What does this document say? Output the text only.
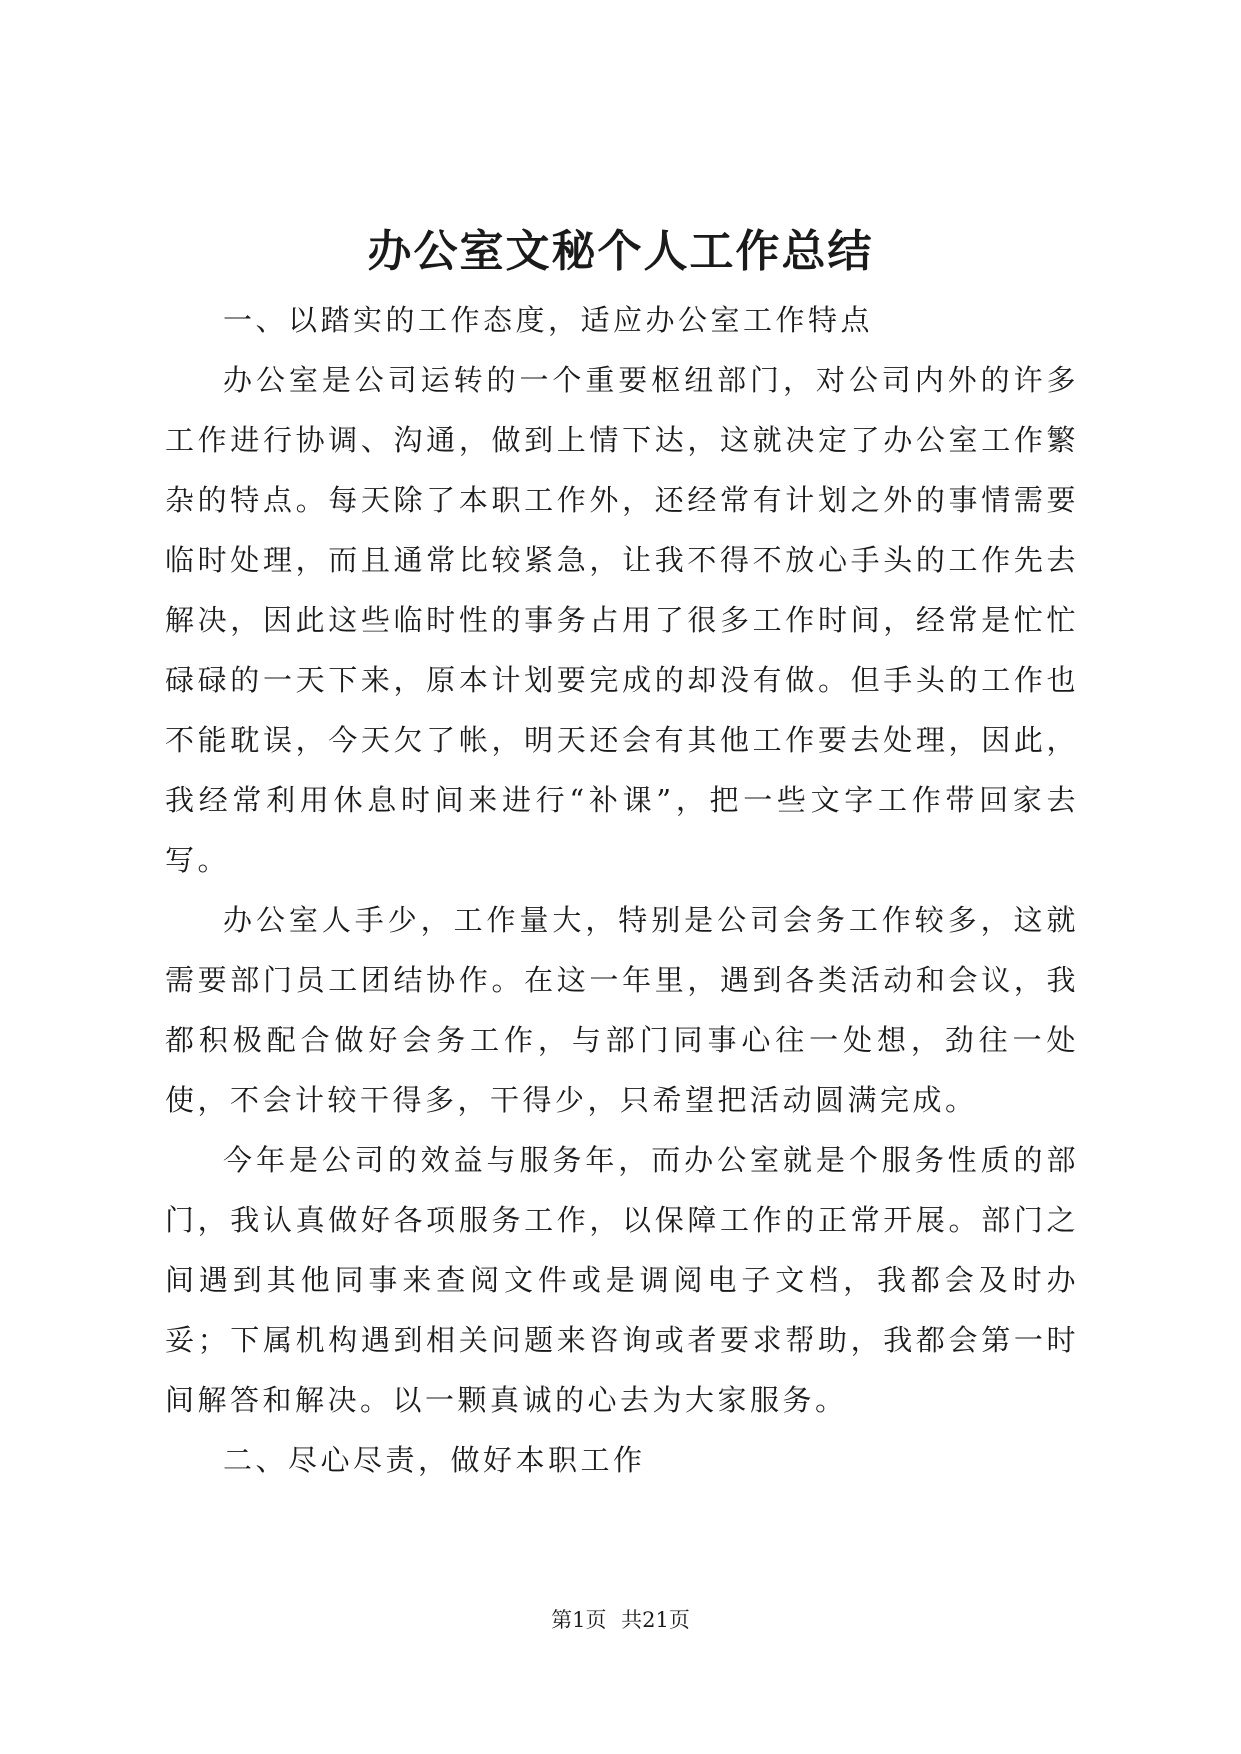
办公室文秘个人工作总结

一、以踏实的工作态度，适应办公室工作特点

办公室是公司运转的一个重要枢纽部门，对公司内外的许多工作进行协调、沟通，做到上情下达，这就决定了办公室工作繁杂的特点。每天除了本职工作外，还经常有计划之外的事情需要临时处理，而且通常比较紧急，让我不得不放心手头的工作先去解决，因此这些临时性的事务占用了很多工作时间，经常是忙忙碌碌的一天下来，原本计划要完成的却没有做。但手头的工作也不能耽误，今天欠了帐，明天还会有其他工作要去处理，因此，我经常利用休息时间来进行“补课”，把一些文字工作带回家去写。

办公室人手少，工作量大，特别是公司会务工作较多，这就需要部门员工团结协作。在这一年里，遇到各类活动和会议，我都积极配合做好会务工作，与部门同事心往一处想，劲往一处使，不会计较干得多，干得少，只希望把活动圆满完成。

今年是公司的效益与服务年，而办公室就是个服务性质的部门，我认真做好各项服务工作，以保障工作的正常开展。部门之间遇到其他同事来查阅文件或是调阅电子文档，我都会及时办妥；下属机构遇到相关问题来咨询或者要求帮助，我都会第一时间解答和解决。以一颗真诚的心去为大家服务。

二、尽心尽责，做好本职工作

第1页 共21页
